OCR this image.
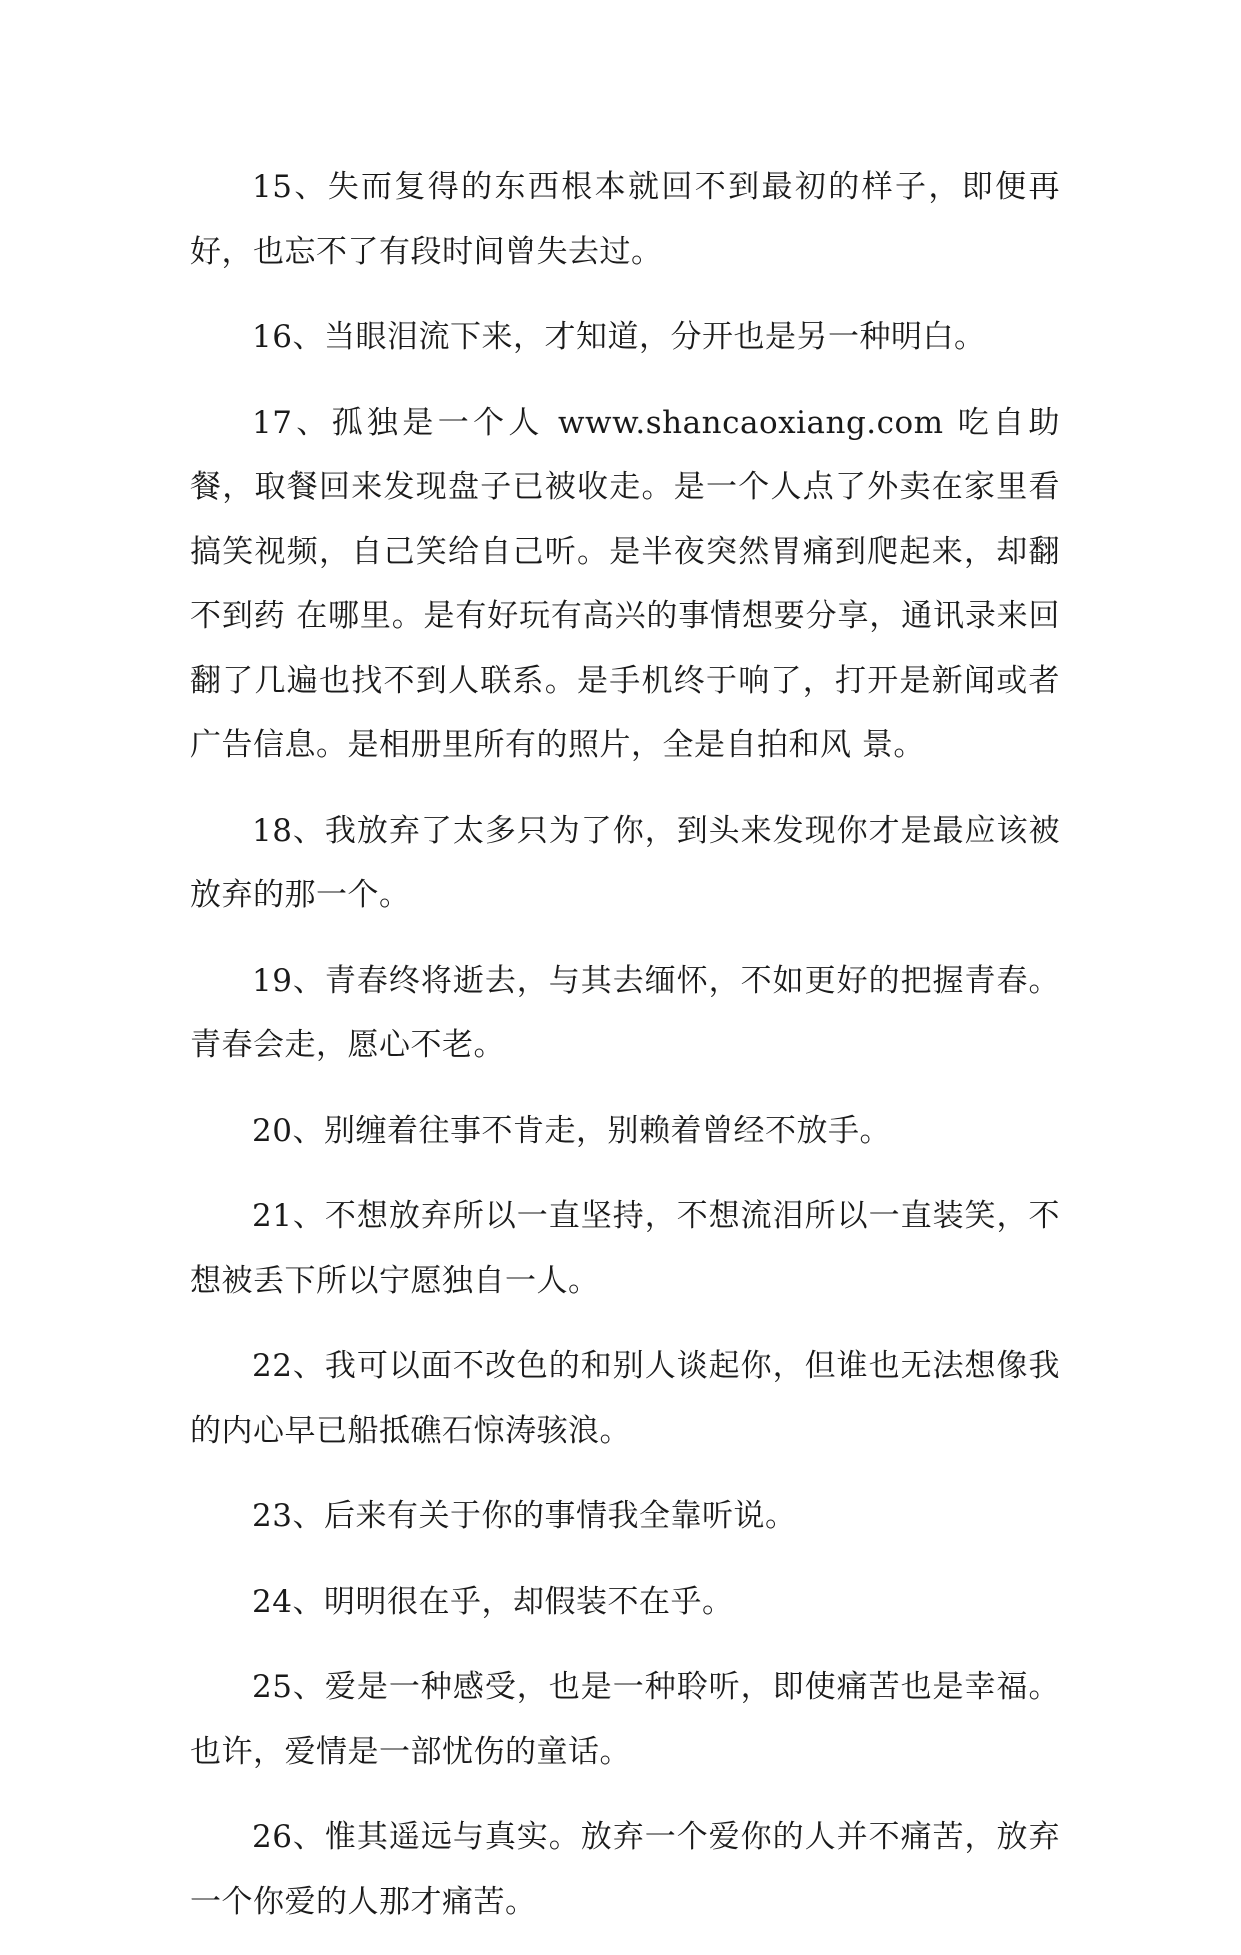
15、失而复得的东西根本就回不到最初的样子，即便再好，也忘不了有段时间曾失去过。

16、当眼泪流下来，才知道，分开也是另一种明白。

17、孤独是一个人 www.shancaoxiang.com 吃自助餐，取餐回来发现盘子已被收走。是一个人点了外卖在家里看搞笑视频，自己笑给自己听。是半夜突然胃痛到爬起来，却翻不到药 在哪里。是有好玩有高兴的事情想要分享，通讯录来回翻了几遍也找不到人联系。是手机终于响了，打开是新闻或者广告信息。是相册里所有的照片，全是自拍和风 景。

18、我放弃了太多只为了你，到头来发现你才是最应该被放弃的那一个。

19、青春终将逝去，与其去缅怀，不如更好的把握青春。青春会走，愿心不老。

20、别缠着往事不肯走，别赖着曾经不放手。

21、不想放弃所以一直坚持，不想流泪所以一直装笑，不想被丢下所以宁愿独自一人。

22、我可以面不改色的和别人谈起你，但谁也无法想像我的内心早已船抵礁石惊涛骇浪。

23、后来有关于你的事情我全靠听说。

24、明明很在乎，却假装不在乎。

25、爱是一种感受，也是一种聆听，即使痛苦也是幸福。也许，爱情是一部忧伤的童话。

26、惟其遥远与真实。放弃一个爱你的人并不痛苦，放弃一个你爱的人那才痛苦。
